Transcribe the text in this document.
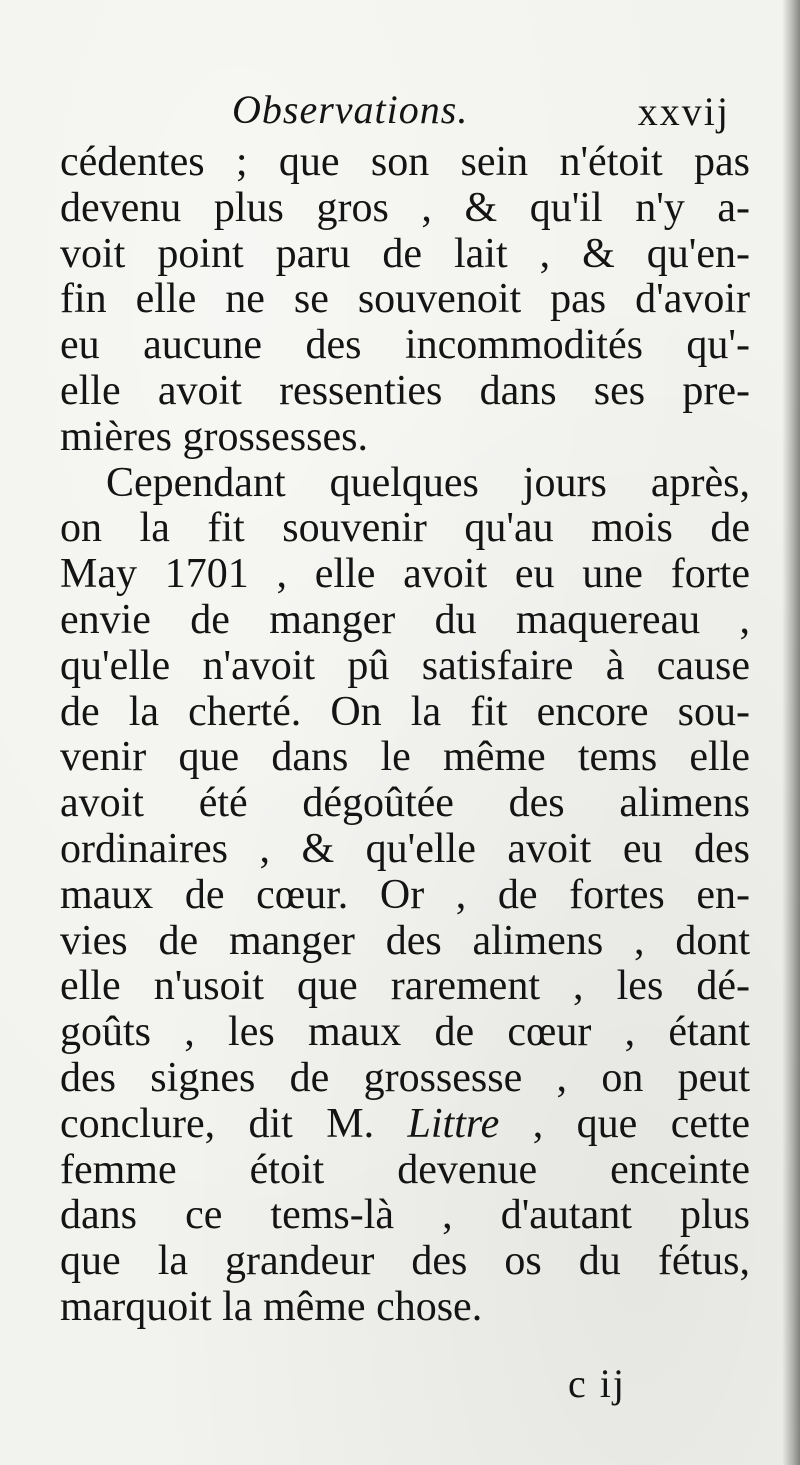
Observations.	xxvij
cédentes ; que son sein n'étoit pas
devenu plus gros , & qu'il n'y a-
voit point paru de lait , & qu'en-
fin elle ne se souvenoit pas d'avoir
eu aucune des incommodités qu'-
elle avoit ressenties dans ses pre-
mières grossesses.
Cependant quelques jours après,
on la fit souvenir qu'au mois de
May 1701 , elle avoit eu une forte
envie de manger du maquereau ,
qu'elle n'avoit pû satisfaire à cause
de la cherté. On la fit encore sou-
venir que dans le même tems elle
avoit été dégoûtée des alimens
ordinaires , & qu'elle avoit eu des
maux de cœur. Or , de fortes en-
vies de manger des alimens , dont
elle n'usoit que rarement , les dé-
goûts , les maux de cœur , étant
des signes de grossesse , on peut
conclure, dit M. Littre , que cette
femme étoit devenue enceinte
dans ce tems-là , d'autant plus
que la grandeur des os du fétus,
marquoit la même chose.
c ij
